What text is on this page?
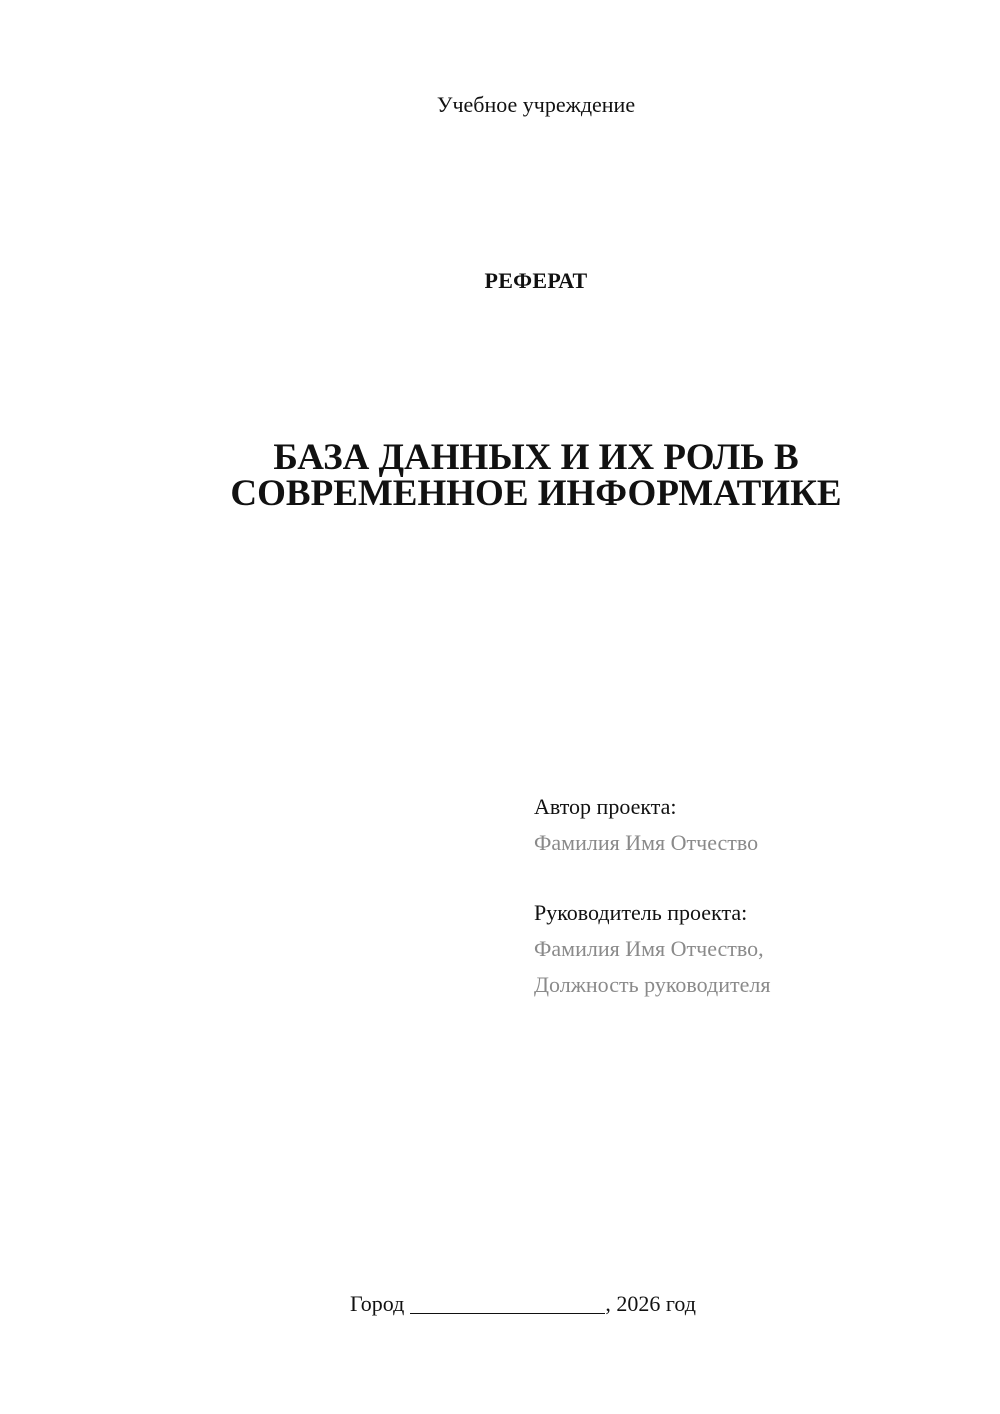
Учебное учреждение
РЕФЕРАТ
БАЗА ДАННЫХ И ИХ РОЛЬ В
СОВРЕМЕННОЕ ИНФОРМАТИКЕ
Автор проекта:
Фамилия Имя Отчество
Руководитель проекта:
Фамилия Имя Отчество,
Должность руководителя
Город	, 2026 год
